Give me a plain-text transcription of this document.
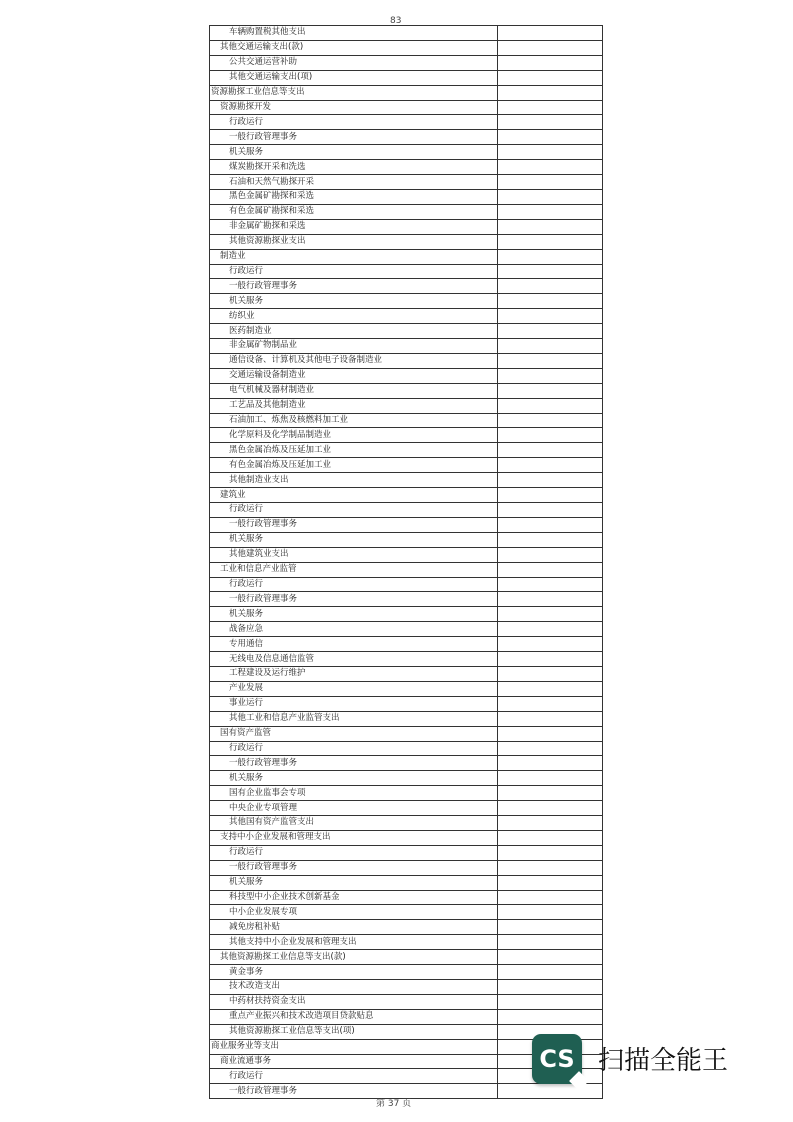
83
车辆购置税其他支出	
其他交通运输支出(款)	
公共交通运营补助	
其他交通运输支出(项)	
资源勘探工业信息等支出	
资源勘探开发	
行政运行	
一般行政管理事务	
机关服务	
煤炭勘探开采和洗选	
石油和天然气勘探开采	
黑色金属矿勘探和采选	
有色金属矿勘探和采选	
非金属矿勘探和采选	
其他资源勘探业支出	
制造业	
行政运行	
一般行政管理事务	
机关服务	
纺织业	
医药制造业	
非金属矿物制品业	
通信设备、计算机及其他电子设备制造业	
交通运输设备制造业	
电气机械及器材制造业	
工艺品及其他制造业	
石油加工、炼焦及核燃料加工业	
化学原料及化学制品制造业	
黑色金属冶炼及压延加工业	
有色金属冶炼及压延加工业	
其他制造业支出	
建筑业	
行政运行	
一般行政管理事务	
机关服务	
其他建筑业支出	
工业和信息产业监管	
行政运行	
一般行政管理事务	
机关服务	
战备应急	
专用通信	
无线电及信息通信监管	
工程建设及运行维护	
产业发展	
事业运行	
其他工业和信息产业监管支出	
国有资产监管	
行政运行	
一般行政管理事务	
机关服务	
国有企业监事会专项	
中央企业专项管理	
其他国有资产监管支出	
支持中小企业发展和管理支出	
行政运行	
一般行政管理事务	
机关服务	
科技型中小企业技术创新基金	
中小企业发展专项	
减免房租补贴	
其他支持中小企业发展和管理支出	
其他资源勘探工业信息等支出(款)	
黄金事务	
技术改造支出	
中药材扶持资金支出	
重点产业振兴和技术改造项目贷款贴息	
其他资源勘探工业信息等支出(项)	
商业服务业等支出	
商业流通事务	
行政运行	
一般行政管理事务	
第 37 页
CS 扫描全能王
